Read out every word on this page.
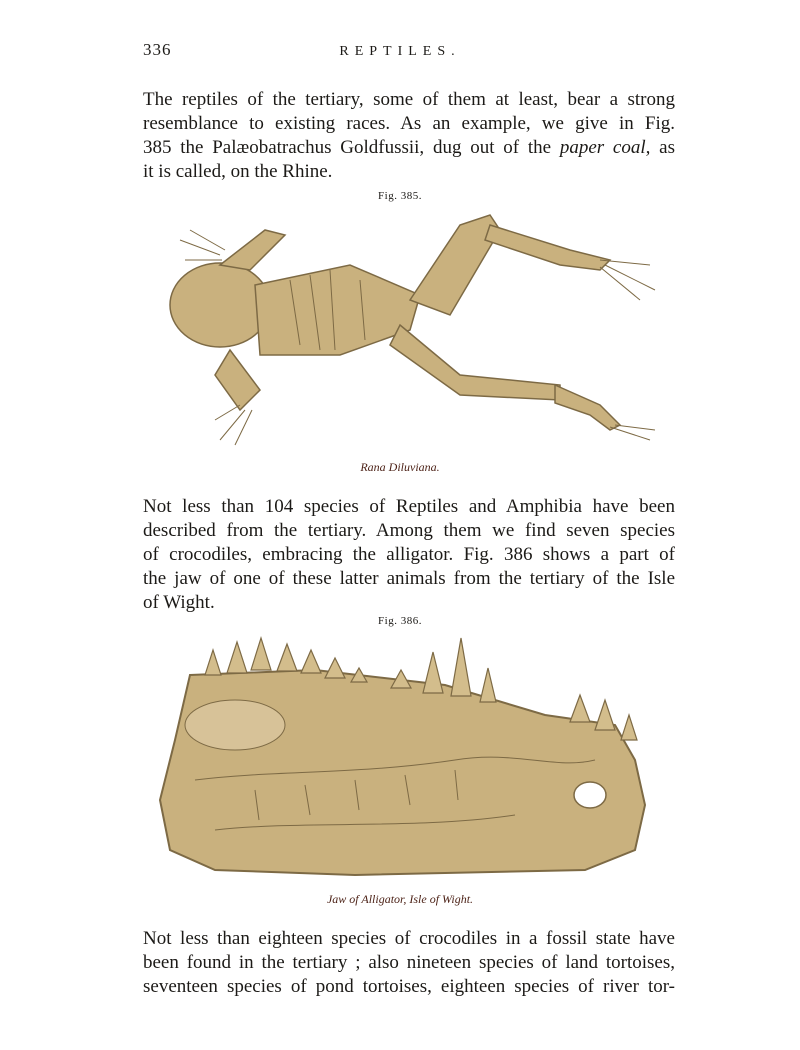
336	REPTILES.
The reptiles of the tertiary, some of them at least, bear a strong
resemblance to existing races. As an example, we give in Fig.
385 the Palæobatrachus Goldfussii, dug out of the paper coal, as
it is called, on the Rhine.
Fig. 385.
Rana Diluviana.
Not less than 104 species of Reptiles and Amphibia have been
described from the tertiary. Among them we find seven species
of crocodiles, embracing the alligator. Fig. 386 shows a part of
the jaw of one of these latter animals from the tertiary of the Isle
of Wight.
Fig. 386.
Jaw of Alligator, Isle of Wight.
Not less than eighteen species of crocodiles in a fossil state have
been found in the tertiary ; also nineteen species of land tortoises,
seventeen species of pond tortoises, eighteen species of river tor-
